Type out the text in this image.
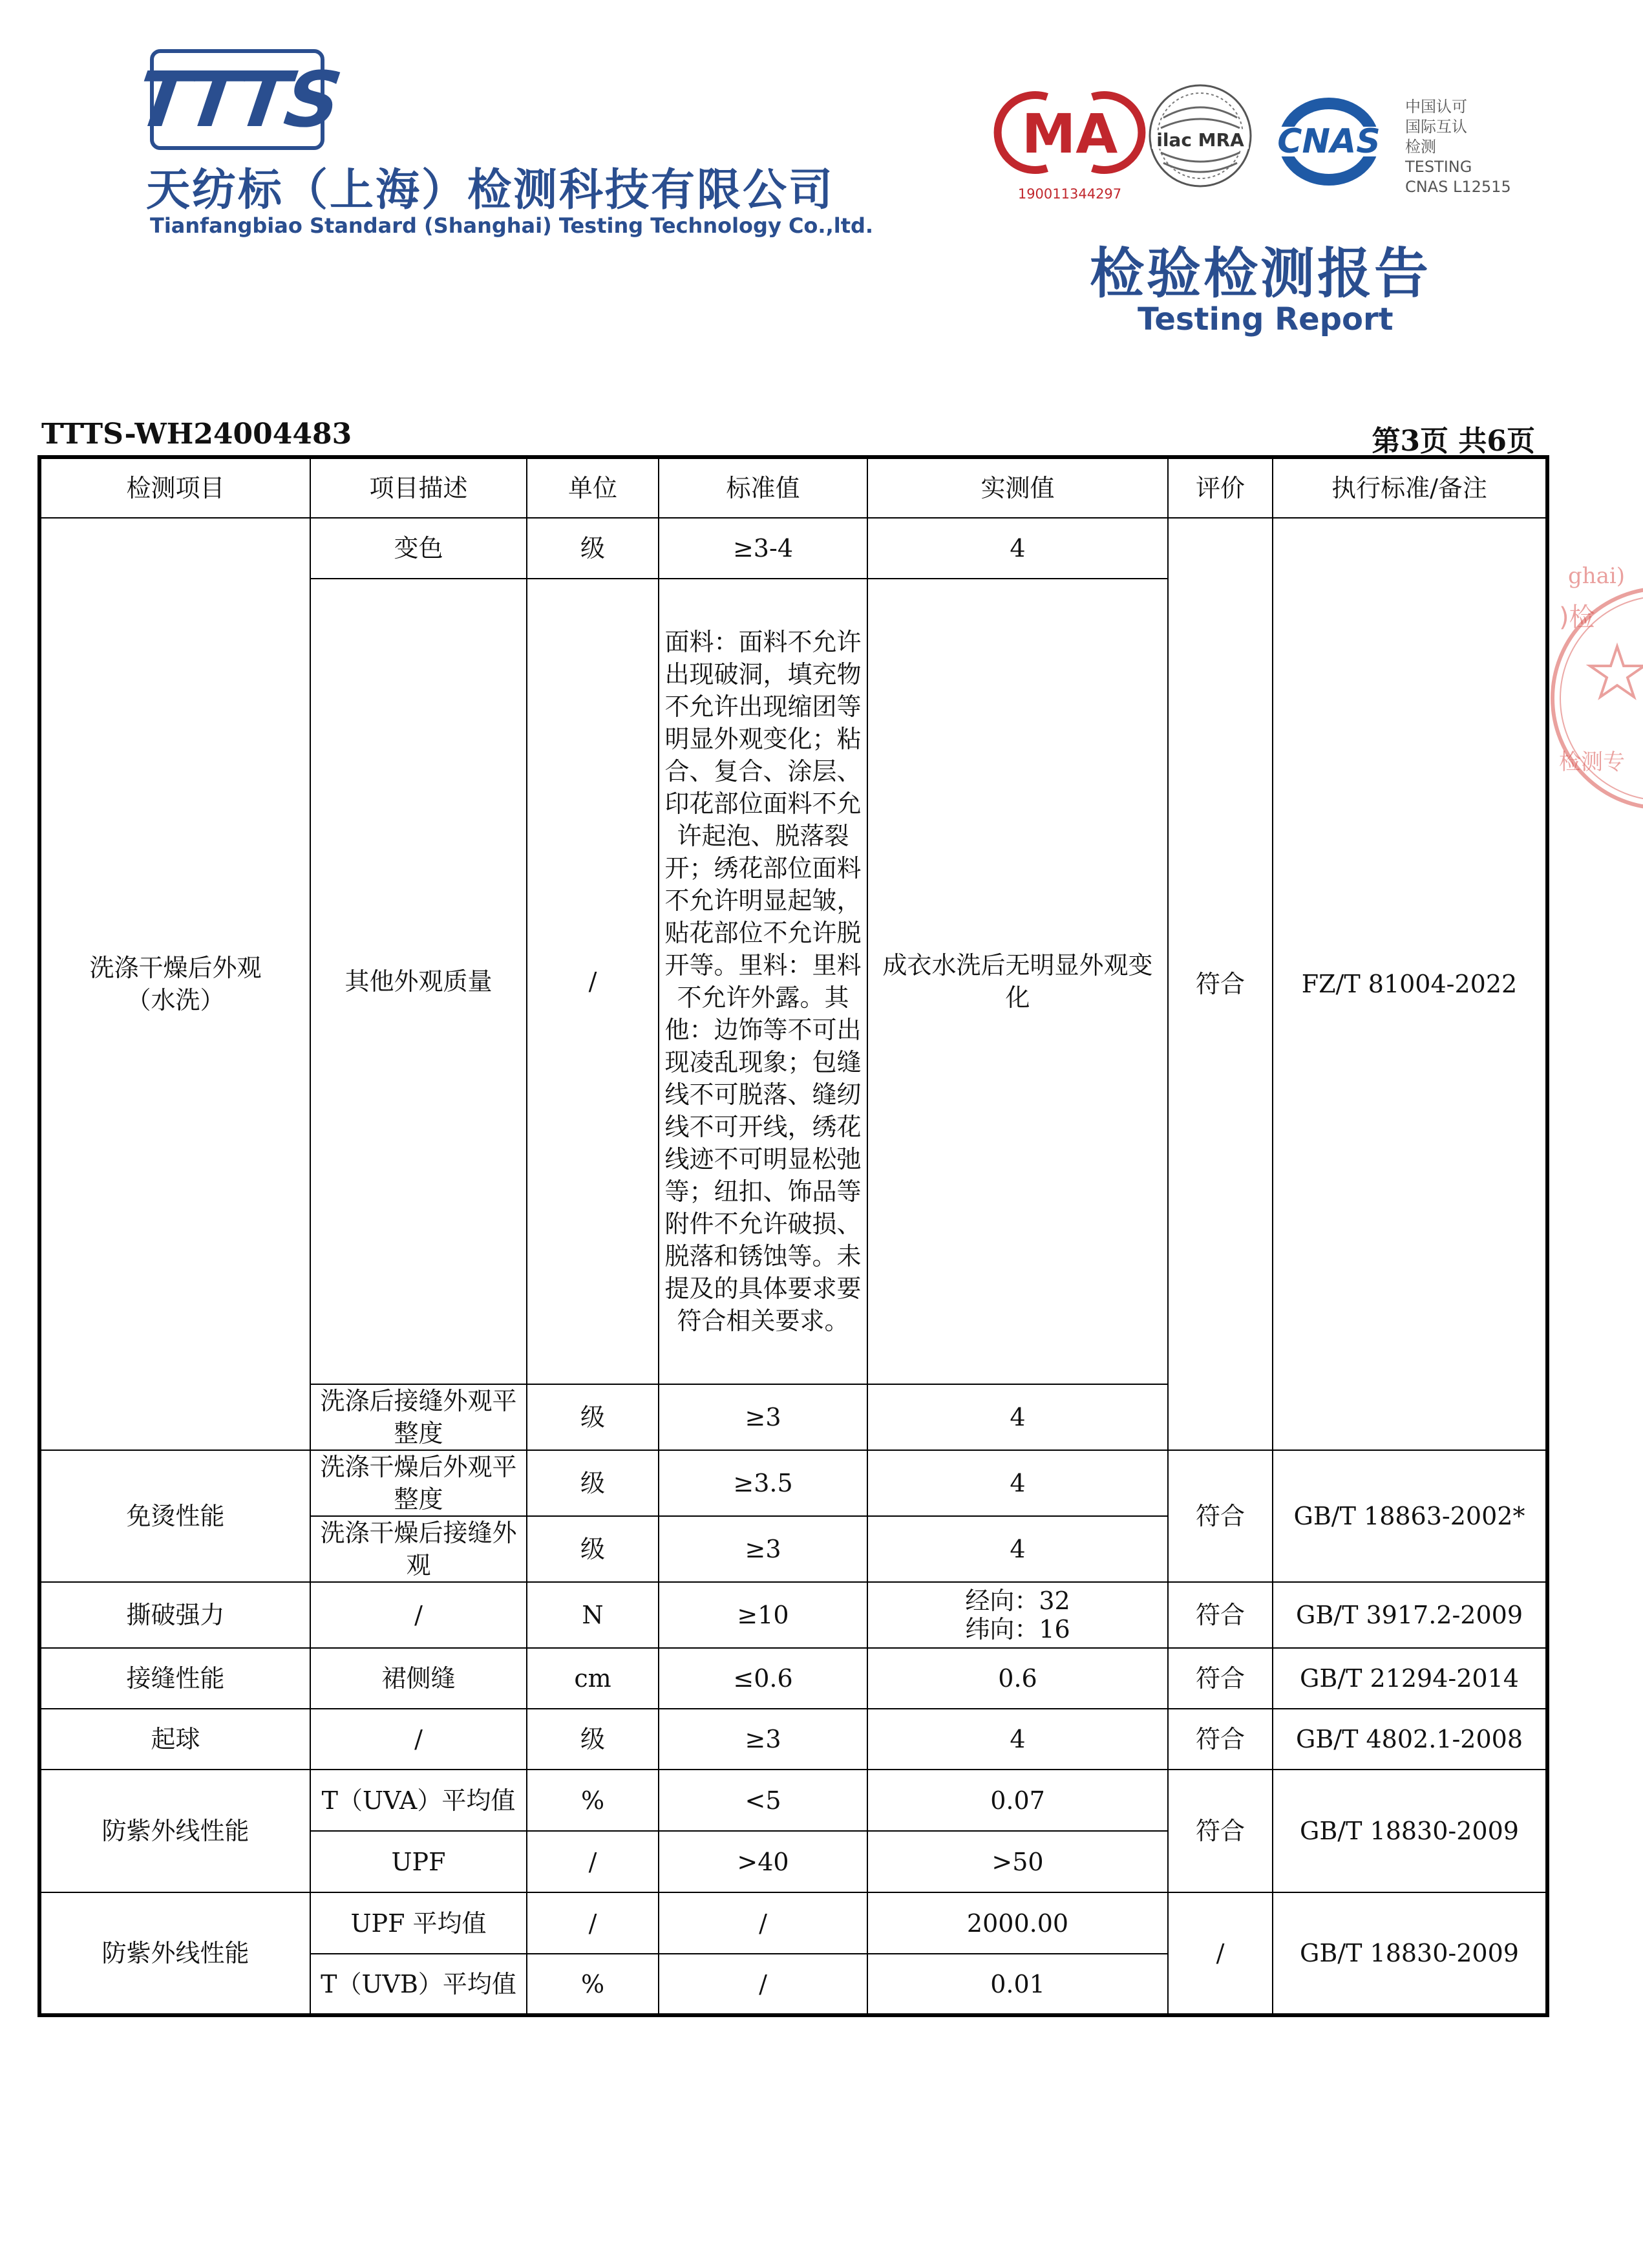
TTTS
天纺标（上海）检测科技有限公司
Tianfangbiao Standard (Shanghai) Testing Technology Co.,ltd.
MA
190011344297
ilac MRA CNAS
中国认可
国际互认
检测
TESTING
CNAS L12515
检验检测报告
Testing Report
TTTS-WH24004483	第3页 共6页
ghai)
)检
检测专
检测项目	项目描述	单位	标准值	实测值	评价	执行标准/备注
洗涤干燥后外观
（水洗）	变色	级	≥3-4	4	符合	FZ/T 81004-2022
	其他外观质量	/	面料：面料不允许出现破洞，填充物不允许出现缩团等明显外观变化；粘合、复合、涂层、印花部位面料不允许起泡、脱落裂开；绣花部位面料不允许明显起皱，贴花部位不允许脱开等。里料：里料不允许外露。其他：边饰等不可出现凌乱现象；包缝线不可脱落、缝纫线不可开线，绣花线迹不可明显松弛等；纽扣、饰品等附件不允许破损、脱落和锈蚀等。未提及的具体要求要符合相关要求。	成衣水洗后无明显外观变化		
	洗涤后接缝外观平整度	级	≥3	4		
免烫性能	洗涤干燥后外观平整度	级	≥3.5	4	符合	GB/T 18863-2002*
	洗涤干燥后接缝外观	级	≥3	4		
撕破强力	/	N	≥10	经向：32
纬向：16	符合	GB/T 3917.2-2009
接缝性能	裙侧缝	cm	≤0.6	0.6	符合	GB/T 21294-2014
起球	/	级	≥3	4	符合	GB/T 4802.1-2008
防紫外线性能	T（UVA）平均值	%	<5	0.07	符合	GB/T 18830-2009
	UPF	/	>40	>50		
防紫外线性能	UPF 平均值	/	/	2000.00	/	GB/T 18830-2009
	T（UVB）平均值	%	/	0.01		
